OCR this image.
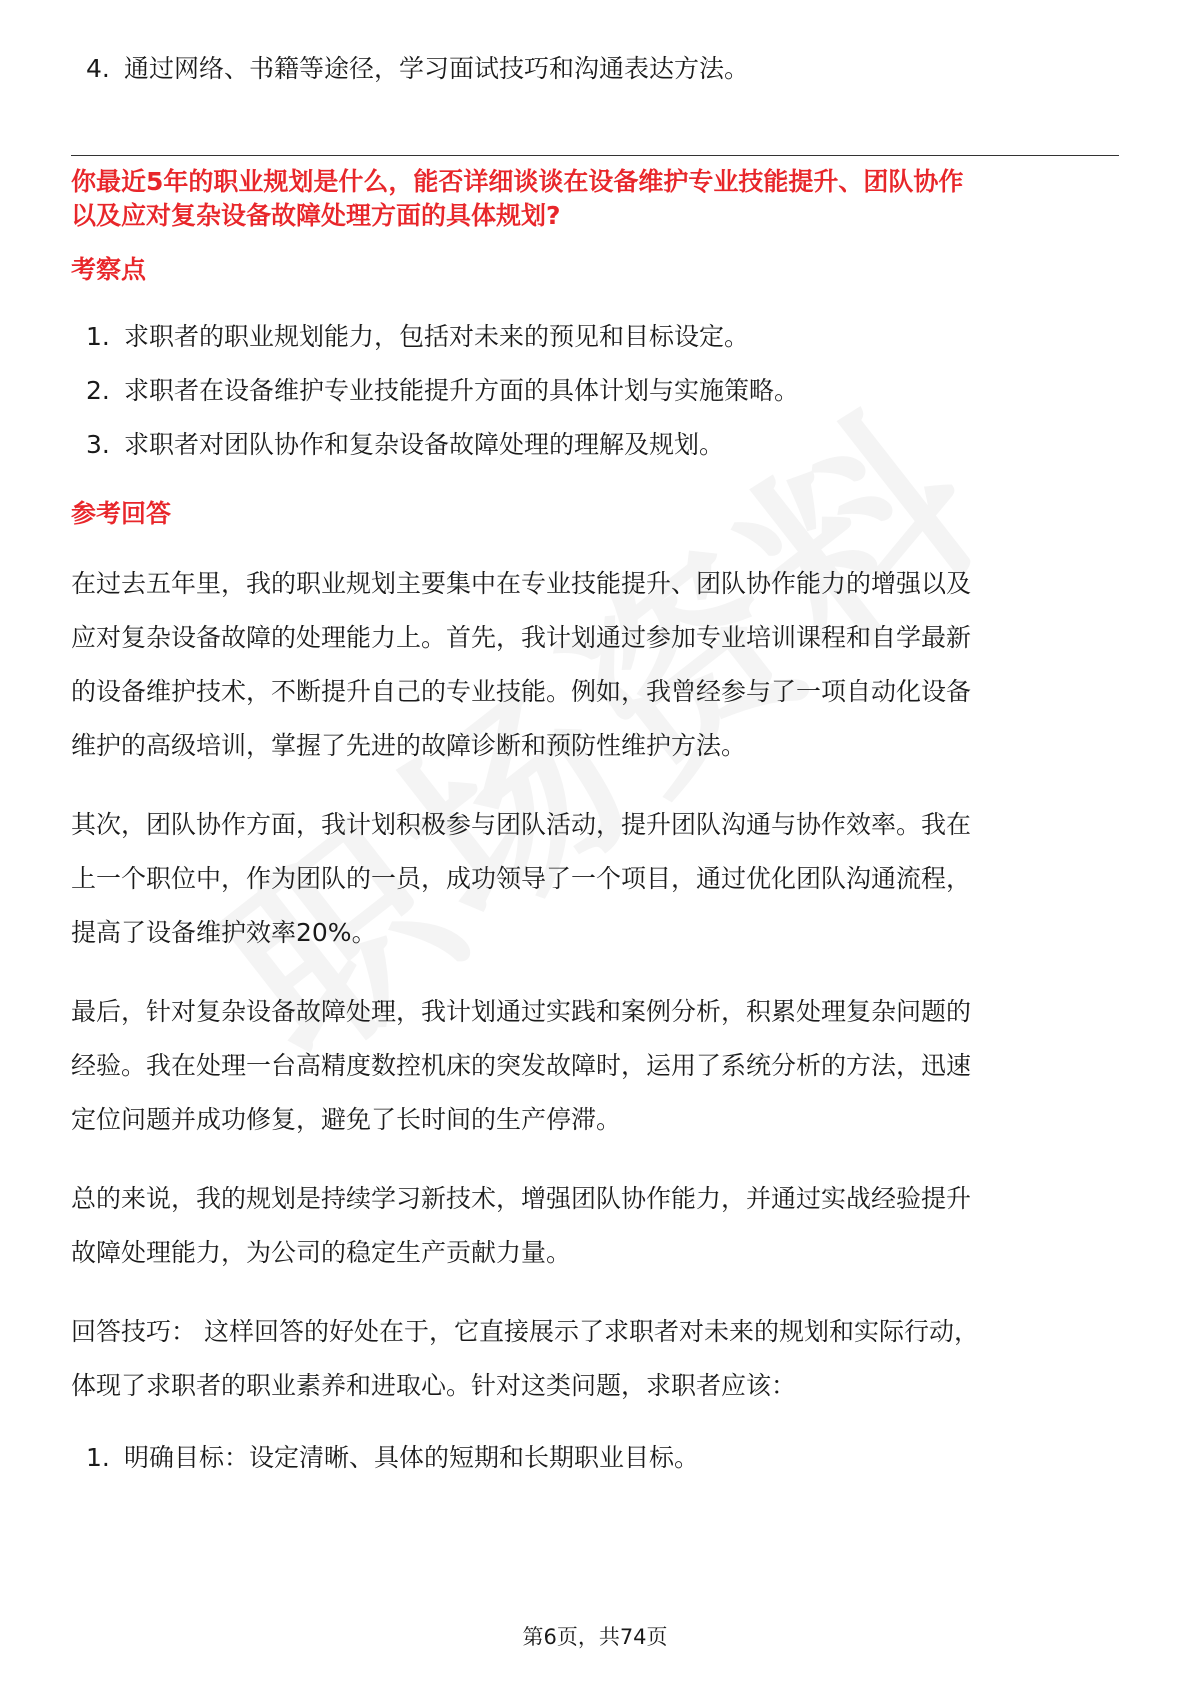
4. 通过网络、书籍等途径，学习面试技巧和沟通表达方法。
你最近5年的职业规划是什么，能否详细谈谈在设备维护专业技能提升、团队协作
以及应对复杂设备故障处理方面的具体规划?
考察点
1. 求职者的职业规划能力，包括对未来的预见和目标设定。
2. 求职者在设备维护专业技能提升方面的具体计划与实施策略。
3. 求职者对团队协作和复杂设备故障处理的理解及规划。
参考回答
在过去五年里，我的职业规划主要集中在专业技能提升、团队协作能力的增强以及
应对复杂设备故障的处理能力上。首先，我计划通过参加专业培训课程和自学最新
的设备维护技术，不断提升自己的专业技能。例如，我曾经参与了一项自动化设备
维护的高级培训，掌握了先进的故障诊断和预防性维护方法。
其次，团队协作方面，我计划积极参与团队活动，提升团队沟通与协作效率。我在
上一个职位中，作为团队的一员，成功领导了一个项目，通过优化团队沟通流程，
提高了设备维护效率20%。
最后，针对复杂设备故障处理，我计划通过实践和案例分析，积累处理复杂问题的
经验。我在处理一台高精度数控机床的突发故障时，运用了系统分析的方法，迅速
定位问题并成功修复，避免了长时间的生产停滞。
总的来说，我的规划是持续学习新技术，增强团队协作能力，并通过实战经验提升
故障处理能力，为公司的稳定生产贡献力量。
回答技巧： 这样回答的好处在于，它直接展示了求职者对未来的规划和实际行动，
体现了求职者的职业素养和进取心。针对这类问题，求职者应该：
1. 明确目标：设定清晰、具体的短期和长期职业目标。
第6页，共74页
